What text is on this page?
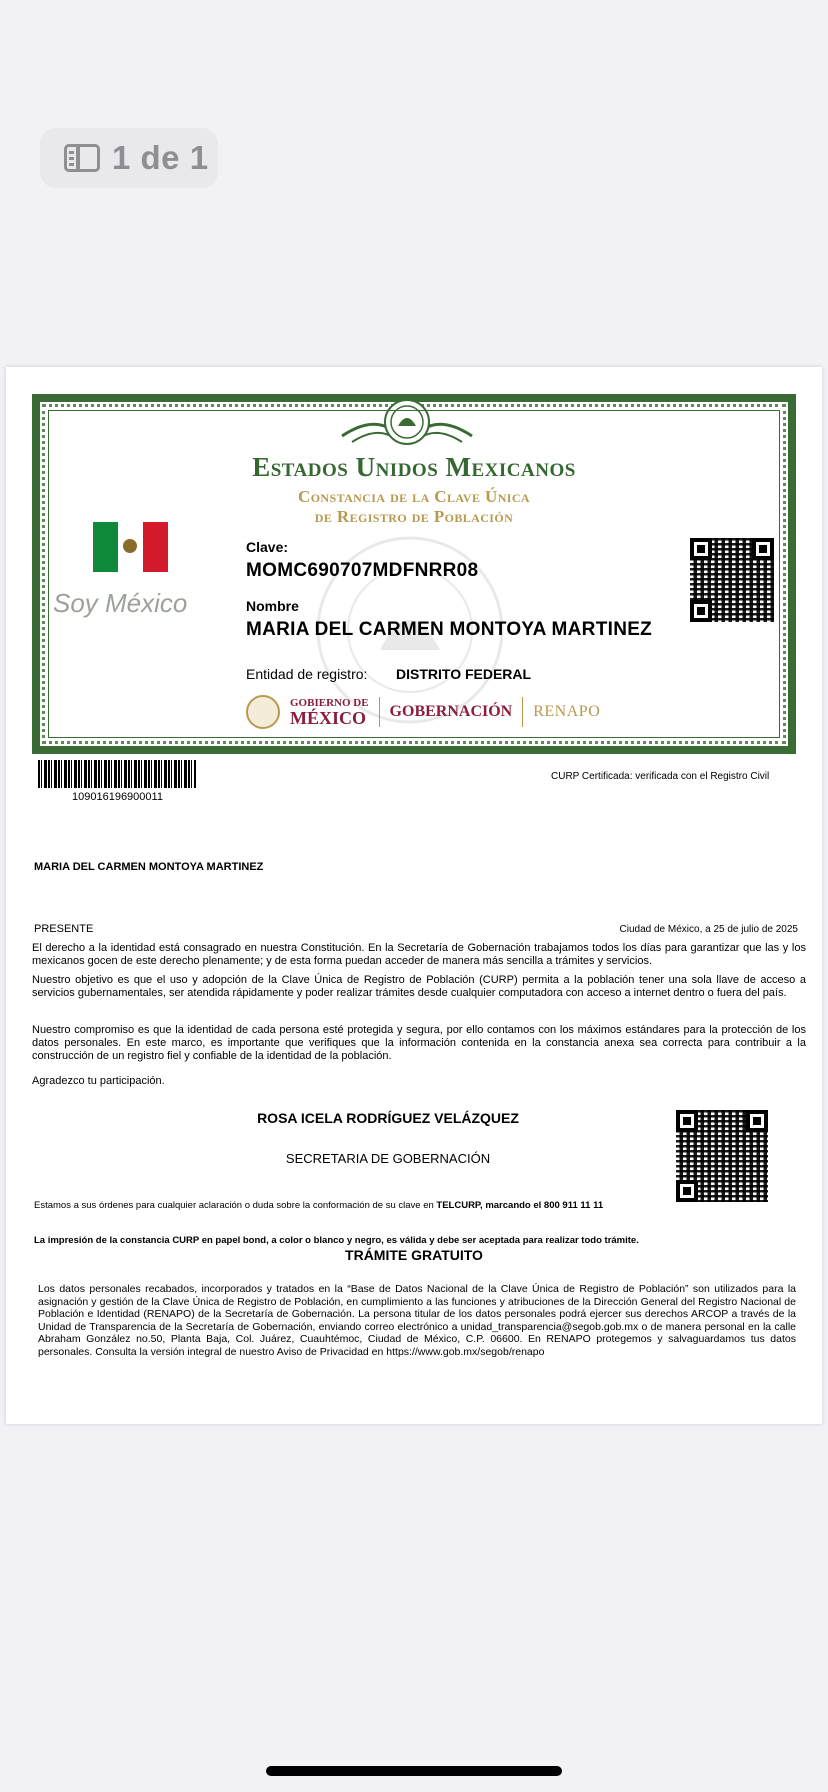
1 de 1
Estados Unidos Mexicanos
Constancia de la Clave Única
de Registro de Población
Soy México
Clave:
MOMC690707MDFNRR08
Nombre
MARIA DEL CARMEN MONTOYA MARTINEZ
Entidad de registro: DISTRITO FEDERAL
GOBIERNO DE
MÉXICO GOBERNACIÓN RENAPO
109016196900011
CURP Certificada: verificada con el Registro Civil
MARIA DEL CARMEN MONTOYA MARTINEZ
PRESENTE	Ciudad de México, a 25 de julio de 2025

El derecho a la identidad está consagrado en nuestra Constitución. En la Secretaría de Gobernación trabajamos todos los días para garantizar que las y los mexicanos gocen de este derecho plenamente; y de esta forma puedan acceder de manera más sencilla a trámites y servicios.

Nuestro objetivo es que el uso y adopción de la Clave Única de Registro de Población (CURP) permita a la población tener una sola llave de acceso a servicios gubernamentales, ser atendida rápidamente y poder realizar trámites desde cualquier computadora con acceso a internet dentro o fuera del país.

Nuestro compromiso es que la identidad de cada persona esté protegida y segura, por ello contamos con los máximos estándares para la protección de los datos personales. En este marco, es importante que verifiques que la información contenida en la constancia anexa sea correcta para contribuir a la construcción de un registro fiel y confiable de la identidad de la población.

Agradezco tu participación.

ROSA ICELA RODRÍGUEZ VELÁZQUEZ
SECRETARIA DE GOBERNACIÓN
Estamos a sus órdenes para cualquier aclaración o duda sobre la conformación de su clave en TELCURP, marcando el 800 911 11 11
La impresión de la constancia CURP en papel bond, a color o blanco y negro, es válida y debe ser aceptada para realizar todo trámite.
TRÁMITE GRATUITO

Los datos personales recabados, incorporados y tratados en la “Base de Datos Nacional de la Clave Única de Registro de Población” son utilizados para la asignación y gestión de la Clave Única de Registro de Población, en cumplimiento a las funciones y atribuciones de la Dirección General del Registro Nacional de Población e Identidad (RENAPO) de la Secretaría de Gobernación. La persona titular de los datos personales podrá ejercer sus derechos ARCOP a través de la Unidad de Transparencia de la Secretaría de Gobernación, enviando correo electrónico a unidad_transparencia@segob.gob.mx o de manera personal en la calle Abraham González no.50, Planta Baja, Col. Juárez, Cuauhtémoc, Ciudad de México, C.P. 06600. En RENAPO protegemos y salvaguardamos tus datos personales. Consulta la versión integral de nuestro Aviso de Privacidad en https://www.gob.mx/segob/renapo
